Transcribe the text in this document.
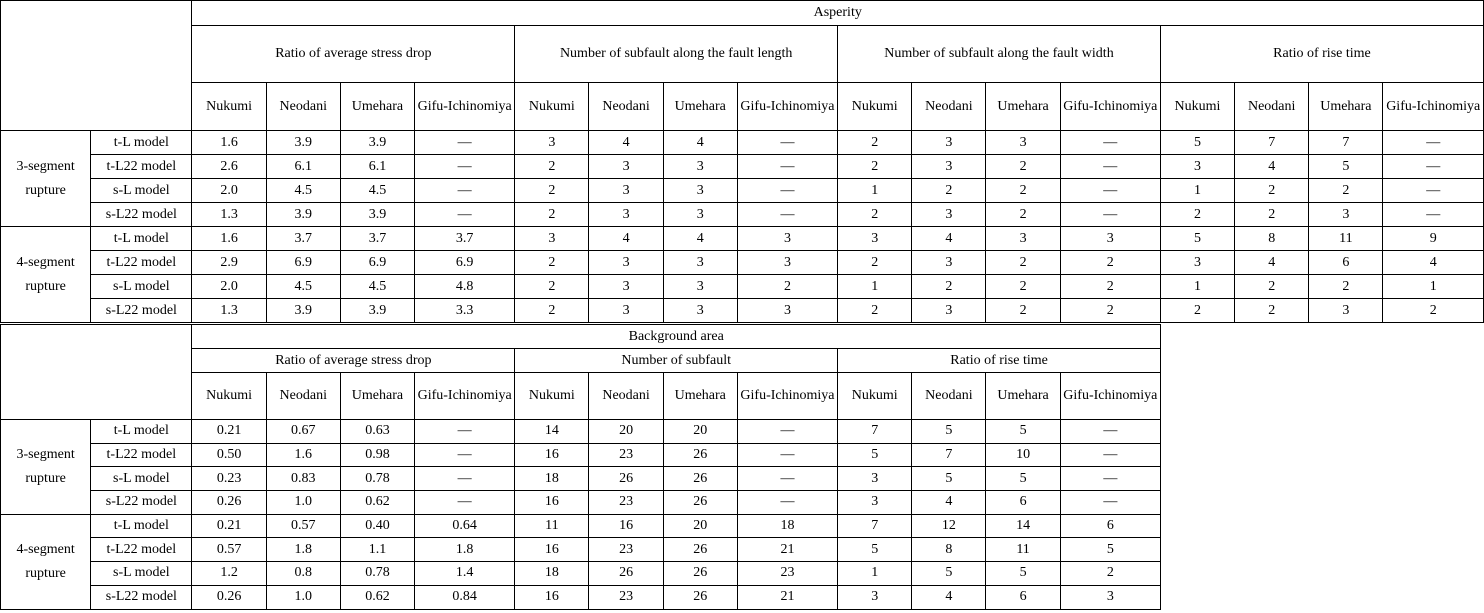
		Asperity															
		Ratio of average stress drop				Number of subfault along the fault length				Number of subfault along the fault width				Ratio of rise time			
		Nukumi	Neodani	Umehara	Gifu-Ichinomiya	Nukumi	Neodani	Umehara	Gifu-Ichinomiya	Nukumi	Neodani	Umehara	Gifu-Ichinomiya	Nukumi	Neodani	Umehara	Gifu-Ichinomiya
3-segment rupture	t-L model	1.6	3.9	3.9	—	3	4	4	—	2	3	3	—	5	7	7	—
	t-L22 model	2.6	6.1	6.1	—	2	3	3	—	2	3	2	—	3	4	5	—
	s-L model	2.0	4.5	4.5	—	2	3	3	—	1	2	2	—	1	2	2	—
	s-L22 model	1.3	3.9	3.9	—	2	3	3	—	2	3	2	—	2	2	3	—
4-segment rupture	t-L model	1.6	3.7	3.7	3.7	3	4	4	3	3	4	3	3	5	8	11	9
	t-L22 model	2.9	6.9	6.9	6.9	2	3	3	3	2	3	2	2	3	4	6	4
	s-L model	2.0	4.5	4.5	4.8	2	3	3	2	1	2	2	2	1	2	2	1
	s-L22 model	1.3	3.9	3.9	3.3	2	3	3	3	2	3	2	2	2	2	3	2
		Background area											
		Ratio of average stress drop				Number of subfault				Ratio of rise time			
		Nukumi	Neodani	Umehara	Gifu-Ichinomiya	Nukumi	Neodani	Umehara	Gifu-Ichinomiya	Nukumi	Neodani	Umehara	Gifu-Ichinomiya
3-segment rupture	t-L model	0.21	0.67	0.63	—	14	20	20	—	7	5	5	—
	t-L22 model	0.50	1.6	0.98	—	16	23	26	—	5	7	10	—
	s-L model	0.23	0.83	0.78	—	18	26	26	—	3	5	5	—
	s-L22 model	0.26	1.0	0.62	—	16	23	26	—	3	4	6	—
4-segment rupture	t-L model	0.21	0.57	0.40	0.64	11	16	20	18	7	12	14	6
	t-L22 model	0.57	1.8	1.1	1.8	16	23	26	21	5	8	11	5
	s-L model	1.2	0.8	0.78	1.4	18	26	26	23	1	5	5	2
	s-L22 model	0.26	1.0	0.62	0.84	16	23	26	21	3	4	6	3
